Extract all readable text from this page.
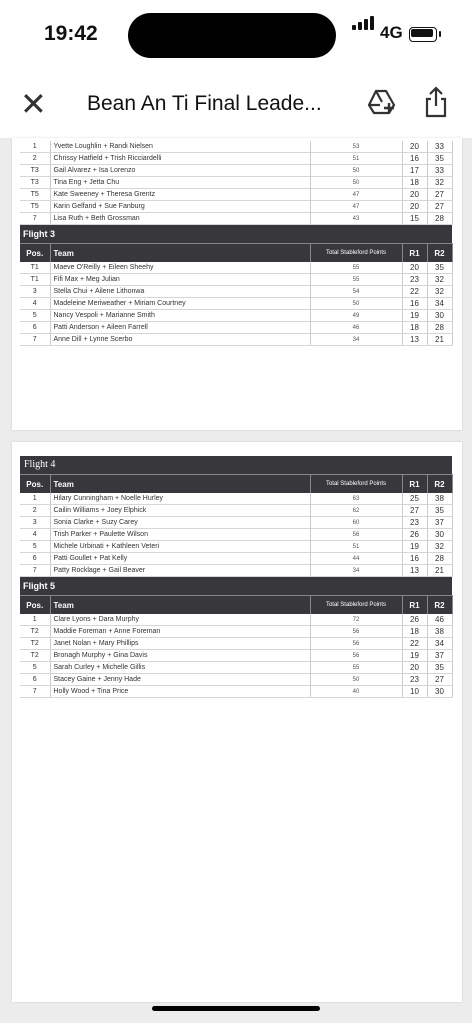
19:42	4G
✕ Bean An Ti Final Leade...
1	Yvette Loughlin + Randi Nielsen	53	20	33
2	Chrissy Hatfield + Trish Ricciardelli	51	16	35
T3	Gail Alvarez + Isa Lorenzo	50	17	33
T3	Tina Eng + Jetta Chu	50	18	32
T5	Kate Sweeney + Theresa Grentz	47	20	27
T5	Karin Gelfand + Sue Fanburg	47	20	27
7	Lisa Ruth + Beth Grossman	43	15	28
Flight 3				
Pos.	Team	Total Stableford Points	R1	R2
T1	Maeve O'Reilly + Eileen Sheehy	55	20	35
T1	Fifi Max + Meg Julian	55	23	32
3	Stella Chui + Ailene Lithonwa	54	22	32
4	Madeleine Meriweather + Miriam Courtney	50	16	34
5	Nancy Vespoli + Marianne Smith	49	19	30
6	Patti Anderson + Aileen Farrell	46	18	28
7	Anne Dill + Lynne Scerbo	34	13	21
Flight 4
Pos.	Team	Total Stableford Points	R1	R2
1	Hilary Cunningham + Noelle Hurley	63	25	38
2	Cailin Williams + Joey Elphick	62	27	35
3	Sonia Clarke + Suzy Carey	60	23	37
4	Trish Parker + Paulette Wilson	56	26	30
5	Michele Urbinati + Kathleen Veteri	51	19	32
6	Patti Goullet + Pat Kelly	44	16	28
7	Patty Rocklage + Gail Beaver	34	13	21
Flight 5				
Pos.	Team	Total Stableford Points	R1	R2
1	Clare Lyons + Dara Murphy	72	26	46
T2	Maddie Foreman + Anne Foreman	56	18	38
T2	Janet Nolan + Mary Phillips	56	22	34
T2	Bronagh Murphy + Gina Davis	56	19	37
5	Sarah Curley + Michelle Gillis	55	20	35
6	Stacey Gaine + Jenny Hade	50	23	27
7	Holly Wood + Tina Price	40	10	30
